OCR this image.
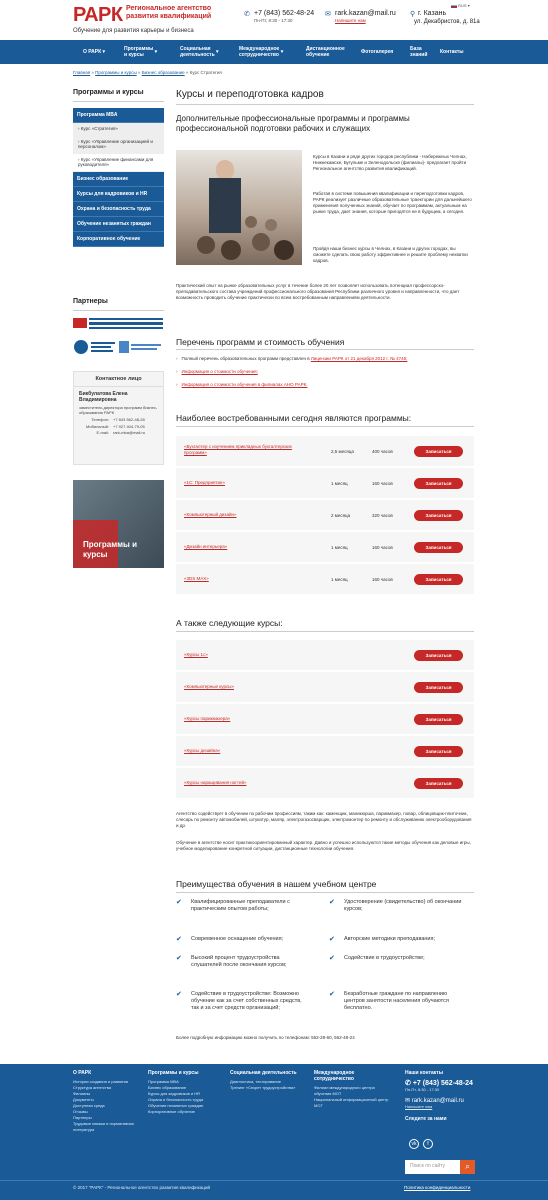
РАРК Региональное агентство
развития квалификаций
Обучение для развития карьеры и бизнеса
✆ +7 (843) 562-48-24
Пн-Пт, 8:30 - 17:30
✉ rark.kazan@mail.ru
Напишите нам
RUS ▾
⚲ г. Казань
ул. Декабристов, д. 81а
О РАРК ▾	Программы
и курсы	▾	Социальная
деятельность ▾	Международное
сотрудничество ▾	Дистанционное
обучение	Фотогалерея	База
знаний	Контакты
Главная » Программы и курсы » Бизнес образование » Курс Стратегия
Программы и курсы
Программа MBA
› Курс «Стратегия»
› Курс «Управление организацией и персоналом»
› Курс «Управление финансами для руководителя»
Бизнес образование
Курсы для кадровиков и HR
Охрана и безопасность труда
Обучение незанятых граждан
Корпоративное обучение
Партнеры
Контактное лицо
Бикбулатова Елена Владимировна
заместитель директора программ бизнес-образования РАРК
Телефон: +7 843 562-48-28
Мобильный: +7 927 404-79-05
E-mail: rark-mba@mail.ru
Программы и курсы
Курсы и переподготовка кадров
Дополнительные профессиональные программы и программы профессиональной подготовки рабочих и служащих
Курсы в Казани и ряде других городов республики - Набережных Челнах, Нижнекамске, Бугульме и Зеленодольске (филиалы)- предлагает пройти Региональное агентство развития квалификаций.
Работая в системе повышения квалификации и переподготовки кадров, РАРК реализует различные образовательные траектории для дальнейшего применения полученных знаний, обучает по программам, актуальным на рынке труда, дает знания, которые пригодятся не в будущем, а сегодня.
Пройдя наши бизнес курсы в Челнах, в Казани и других городах, вы сможете сделать свою работу эффективнее и решите проблему нехватки кадров.
Практический опыт на рынке образовательных услуг в течение более 20 лет позволяет использовать потенциал профессорско-преподавательского состава учреждений профессионального образования Республики различного уровня и направленности, что дает возможность проводить обучение практически по всем востребованным направлениям деятельности.
Перечень программ и стоимость обучения
› Полный перечень образовательных программ представлен в Лицензии РАРК от 21 декабря 2012 г. № 4746;
› Информация о стоимости обучения;
› Информация о стоимости обучения в филиалах АНО РАРК.
Наиболее востребованными сегодня являются программы:
«Бухгалтер с изучением прикладных бухгалтерских программ»	2,5 месяца	400 часов	Записаться
«1С: Предприятие»	1 месяц	160 часов	Записаться
«Компьютерный дизайн»	2 месяца	320 часов	Записаться
«Дизайн интерьера»	1 месяц	160 часов	Записаться
«3DS MAX»	1 месяц	160 часов	Записаться
А также следующие курсы:
«Курсы 1с»	Записаться
«Компьютерные курсы»	Записаться
«Курсы парикмахера»	Записаться
«Курсы дизайна»	Записаться
«Курсы наращивания ногтей»	Записаться
Агентство содействует в обучении по рабочим профессиям, таким как: каменщик, маникюрша, парикмахер, повар, облицовщик-плиточник, слесарь по ремонту автомобилей, штукатур, маляр, электрогазосварщик, электромонтер по ремонту и обслуживанию электрооборудования и др.
Обучение в агентстве носит практикоориентированный характер. Давно и успешно используются такие методы обучения как деловые игры, учебное моделирование конкретной ситуации, дистанционные технологии обучения.
Преимущества обучения в нашем учебном центре
✔ Квалифицированные преподаватели с практическим опытом работы;
✔ Современное оснащение обучения;
✔ Высокий процент трудоустройства слушателей после окончания курсов;
✔ Содействие в трудоустройстве: Возможно обучение как за счет собственных средств, так и за счет средств организаций;
✔ Удостоверение (свидетельство) об окончании курсов;
✔ Авторские методики преподавания;
✔ Содействие в трудоустройстве;
✔ Безработные граждане по направлению центров занятости населения обучаются бесплатно.
Более подробную информацию можно получить по телефонам: 562-28-60, 562-48-24
О РАРК
История создания и развития
Структура агентства
Филиалы
Документы
Доступная среда
Отзывы
Партнеры
Трудовые книжки и нормативная литература
Программы и курсы
Программа MBA
Бизнес образование
Курсы для кадровиков и HR
Охрана и безопасность труда
Обучение незанятых граждан
Корпоративное обучение
Социальная деятельность
Диагностика, тестирование
Тренинг «Секрет трудоустройства»
Международное сотрудничество
Филиал международного центра обучения МОТ
Национальный информационный центр МОТ
Наши контакты
✆ +7 (843) 562-48-24
Пн-Пт, 8:30 - 17:30
✉ rark.kazan@mail.ru
Напишите нам
Следите за нами
vk	f
Поиск по сайту	⌕
© 2017 "РАРК" - Региональное агентство развития квалификаций	Политика конфиденциальности
